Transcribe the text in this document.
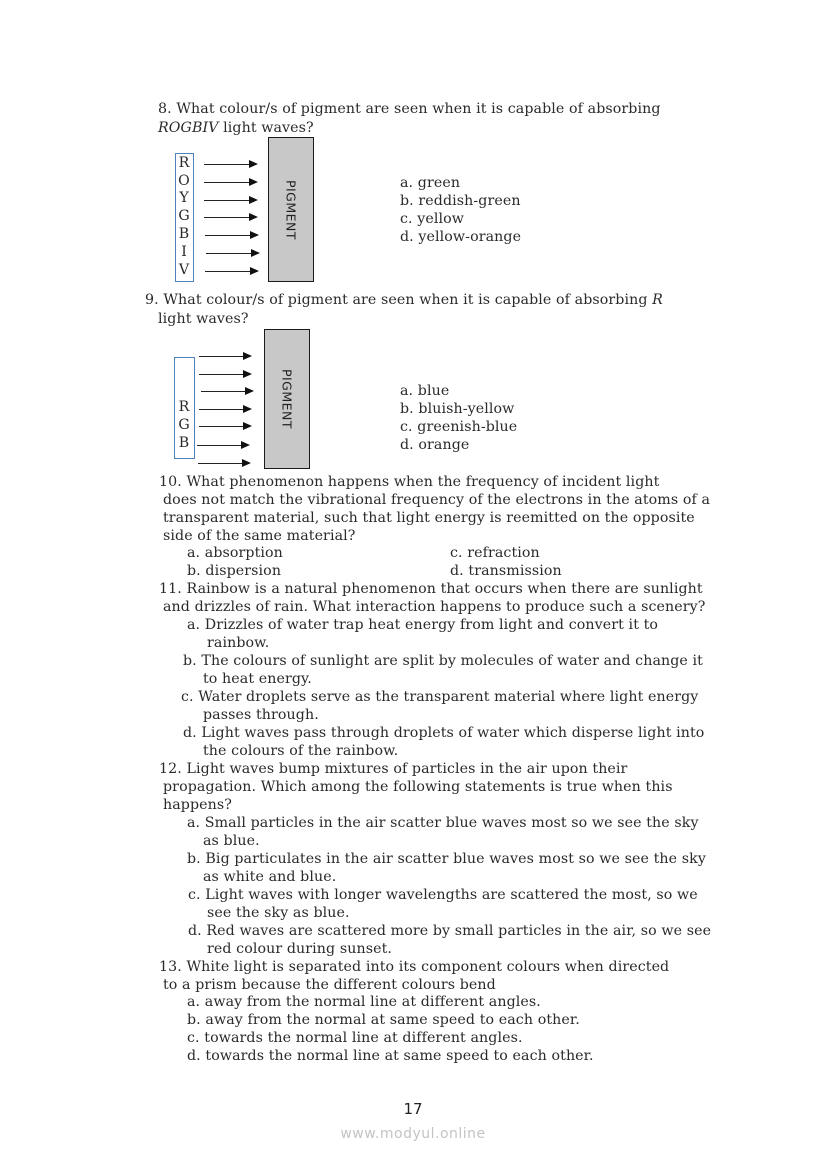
8. What colour/s of pigment are seen when it is capable of absorbing
ROGBIV light waves?
R
O
Y
G
B
I
V
PIGMENT	a. green
b. reddish-green
c. yellow
d. yellow-orange
9. What colour/s of pigment are seen when it is capable of absorbing R
light waves?
R
G
B
PIGMENT	a. blue
b. bluish-yellow
c. greenish-blue
d. orange
10. What phenomenon happens when the frequency of incident light
does not match the vibrational frequency of the electrons in the atoms of a
transparent material, such that light energy is reemitted on the opposite
side of the same material?
a. absorption
b. dispersion
c. refraction
d. transmission
11. Rainbow is a natural phenomenon that occurs when there are sunlight
and drizzles of rain. What interaction happens to produce such a scenery?
a. Drizzles of water trap heat energy from light and convert it to
rainbow.
b. The colours of sunlight are split by molecules of water and change it
to heat energy.
c. Water droplets serve as the transparent material where light energy
passes through.
d. Light waves pass through droplets of water which disperse light into
the colours of the rainbow.
12. Light waves bump mixtures of particles in the air upon their
propagation. Which among the following statements is true when this
happens?
a. Small particles in the air scatter blue waves most so we see the sky
as blue.
b. Big particulates in the air scatter blue waves most so we see the sky
as white and blue.
c. Light waves with longer wavelengths are scattered the most, so we
see the sky as blue.
d. Red waves are scattered more by small particles in the air, so we see
red colour during sunset.
13. White light is separated into its component colours when directed
to a prism because the different colours bend
a. away from the normal line at different angles.
b. away from the normal at same speed to each other.
c. towards the normal line at different angles.
d. towards the normal line at same speed to each other.
17
www.modyul.online
